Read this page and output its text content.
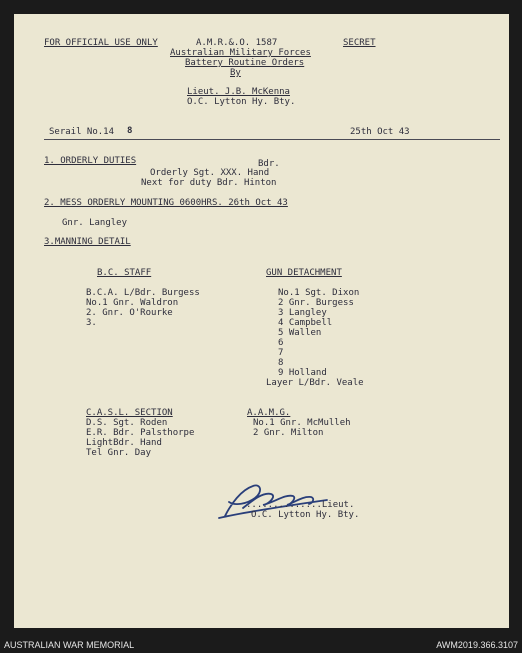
FOR OFFICIAL USE ONLY	A.M.R.&.O. 1587	SECRET
Australian Military Forces
Battery Routine Orders
By
Lieut. J.B. McKenna
O.C. Lytton Hy. Bty.
Serail No.14 8	25th Oct 43
1. ORDERLY DUTIES	Bdr.
Orderly Sgt. XXX. Hand
Next for duty Bdr. Hinton
2. MESS ORDERLY MOUNTING 0600HRS. 26th Oct 43
Gnr. Langley
3.MANNING DETAIL
B.C. STAFF
B.C.A. L/Bdr. Burgess
No.1 Gnr. Waldron
2. Gnr. O'Rourke
3.
GUN DETACHMENT
No.1 Sgt. Dixon
2 Gnr. Burgess
3 Langley
4 Campbell
5 Wallen
6
7
8
9 Holland
Layer L/Bdr. Veale
C.A.S.L. SECTION
D.S. Sgt. Roden
E.R. Bdr. Palsthorpe
LightBdr. Hand
Tel Gnr. Day
A.A.M.G.
No.1 Gnr. McMulleh
2 Gnr. Milton
..............Lieut.
O.C. Lytton Hy. Bty.
AUSTRALIAN WAR MEMORIAL	AWM2019.366.3107
